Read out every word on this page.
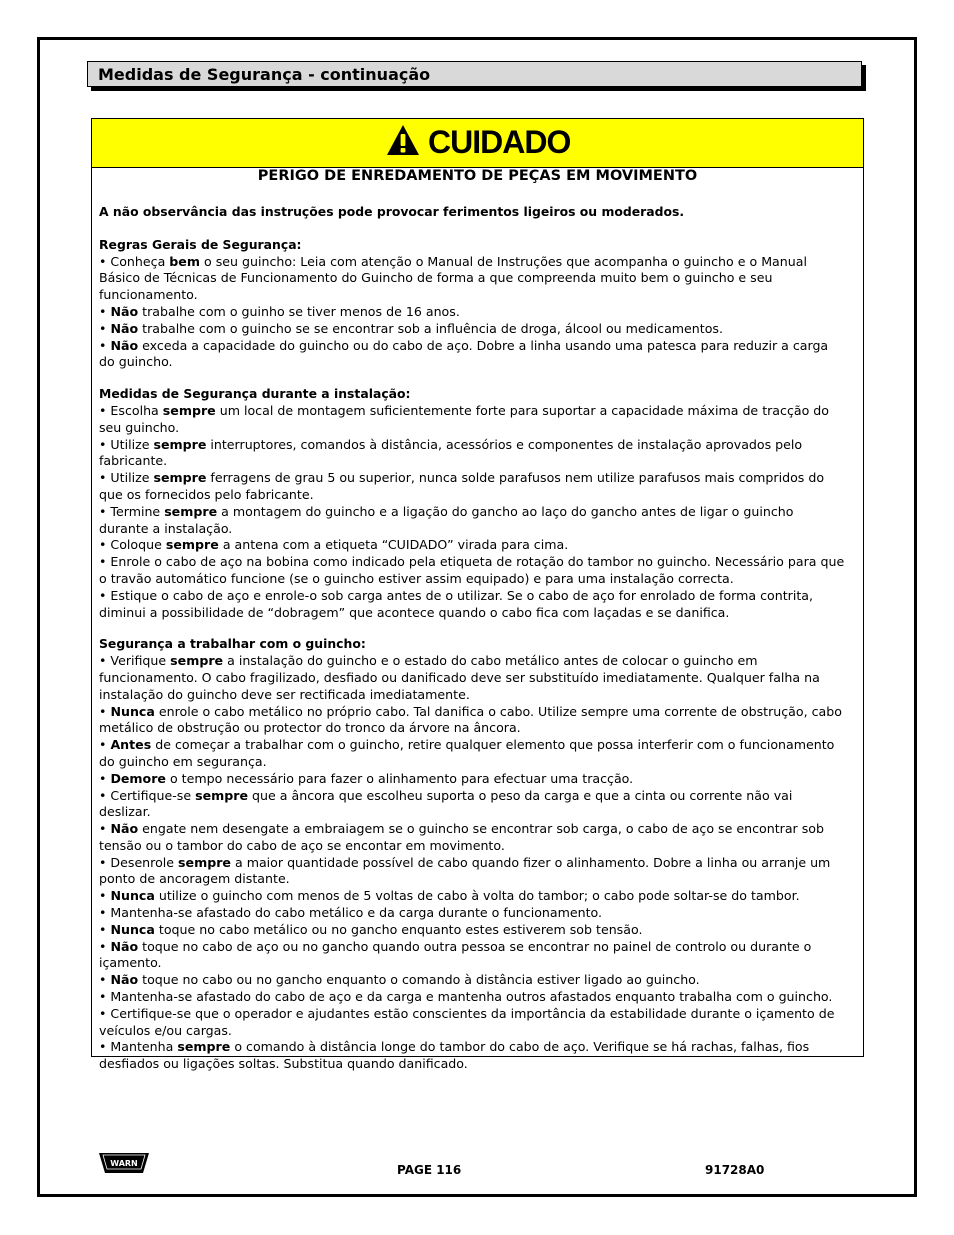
Medidas de Segurança - continuação
CUIDADO
PERIGO DE ENREDAMENTO DE PEÇAS EM MOVIMENTO
A não observância das instruções pode provocar ferimentos ligeiros ou moderados.
Regras Gerais de Segurança:

• Conheça bem o seu guincho: Leia com atenção o Manual de Instruções que acompanha o guincho e o Manual Básico de Técnicas de Funcionamento do Guincho de forma a que compreenda muito bem o guincho e seu funcionamento.

• Não trabalhe com o guinho se tiver menos de 16 anos.

• Não trabalhe com o guincho se se encontrar sob a influência de droga, álcool ou medicamentos.

• Não exceda a capacidade do guincho ou do cabo de aço. Dobre a linha usando uma patesca para reduzir a carga do guincho.

Medidas de Segurança durante a instalação:

• Escolha sempre um local de montagem suficientemente forte para suportar a capacidade máxima de tracção do seu guincho.

• Utilize sempre interruptores, comandos à distância, acessórios e componentes de instalação aprovados pelo fabricante.

• Utilize sempre ferragens de grau 5 ou superior, nunca solde parafusos nem utilize parafusos mais compridos do que os fornecidos pelo fabricante.

• Termine sempre a montagem do guincho e a ligação do gancho ao laço do gancho antes de ligar o guincho durante a instalação.

• Coloque sempre a antena com a etiqueta “CUIDADO” virada para cima.

• Enrole o cabo de aço na bobina como indicado pela etiqueta de rotação do tambor no guincho. Necessário para que o travão automático funcione (se o guincho estiver assim equipado) e para uma instalação correcta.

• Estique o cabo de aço e enrole-o sob carga antes de o utilizar. Se o cabo de aço for enrolado de forma contrita, diminui a possibilidade de “dobragem” que acontece quando o cabo fica com laçadas e se danifica.

Segurança a trabalhar com o guincho:

• Verifique sempre a instalação do guincho e o estado do cabo metálico antes de colocar o guincho em funcionamento. O cabo fragilizado, desfiado ou danificado deve ser substituído imediatamente. Qualquer falha na instalação do guincho deve ser rectificada imediatamente.

• Nunca enrole o cabo metálico no próprio cabo. Tal danifica o cabo. Utilize sempre uma corrente de obstrução, cabo metálico de obstrução ou protector do tronco da árvore na âncora.

• Antes de começar a trabalhar com o guincho, retire qualquer elemento que possa interferir com o funcionamento do guincho em segurança.

• Demore o tempo necessário para fazer o alinhamento para efectuar uma tracção.

• Certifique-se sempre que a âncora que escolheu suporta o peso da carga e que a cinta ou corrente não vai deslizar.

• Não engate nem desengate a embraiagem se o guincho se encontrar sob carga, o cabo de aço se encontrar sob tensão ou o tambor do cabo de aço se encontar em movimento.

• Desenrole sempre a maior quantidade possível de cabo quando fizer o alinhamento. Dobre a linha ou arranje um ponto de ancoragem distante.

• Nunca utilize o guincho com menos de 5 voltas de cabo à volta do tambor; o cabo pode soltar-se do tambor.

• Mantenha-se afastado do cabo metálico e da carga durante o funcionamento.

• Nunca toque no cabo metálico ou no gancho enquanto estes estiverem sob tensão.

• Não toque no cabo de aço ou no gancho quando outra pessoa se encontrar no painel de controlo ou durante o içamento.

• Não toque no cabo ou no gancho enquanto o comando à distância estiver ligado ao guincho.

• Mantenha-se afastado do cabo de aço e da carga e mantenha outros afastados enquanto trabalha com o guincho.

• Certifique-se que o operador e ajudantes estão conscientes da importância da estabilidade durante o içamento de veículos e/ou cargas.

• Mantenha sempre o comando à distância longe do tambor do cabo de aço. Verifique se há rachas, falhas, fios desfiados ou ligações soltas. Substitua quando danificado.

WARN	PAGE 116	91728A0
